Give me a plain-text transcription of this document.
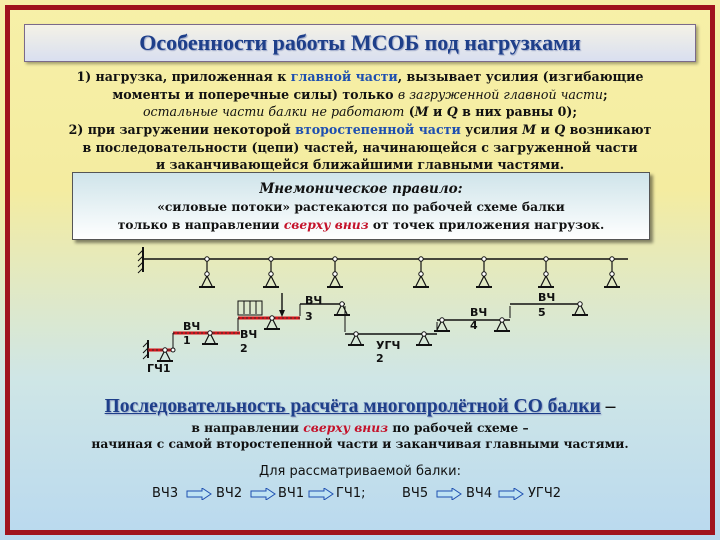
Особенности работы МСОБ под нагрузками
1) нагрузка, приложенная к главной части, вызывает усилия (изгибающие
моменты и поперечные силы) только в загруженной главной части;
остальные части балки не работают (M и Q в них равны 0);
2) при загружении некоторой второстепенной части усилия M и Q возникают
в последовательности (цепи) частей, начинающейся с загруженной части
и заканчивающейся ближайшими главными частями.
Мнемоническое правило:
«силовые потоки» растекаются по рабочей схеме балки
только в направлении сверху вниз от точек приложения нагрузок.
ГЧ1
ВЧ
1	ВЧ
2
ВЧ
3
УГЧ
2
ВЧ
4
ВЧ
5
Последовательность расчёта многопролётной СО балки –
в направлении сверху вниз по рабочей схеме –
начиная с самой второстепенной части и заканчивая главными частями.
Для рассматриваемой балки:
ВЧ3	ВЧ2	ВЧ1 ГЧ1;	ВЧ5	ВЧ4	УГЧ2
